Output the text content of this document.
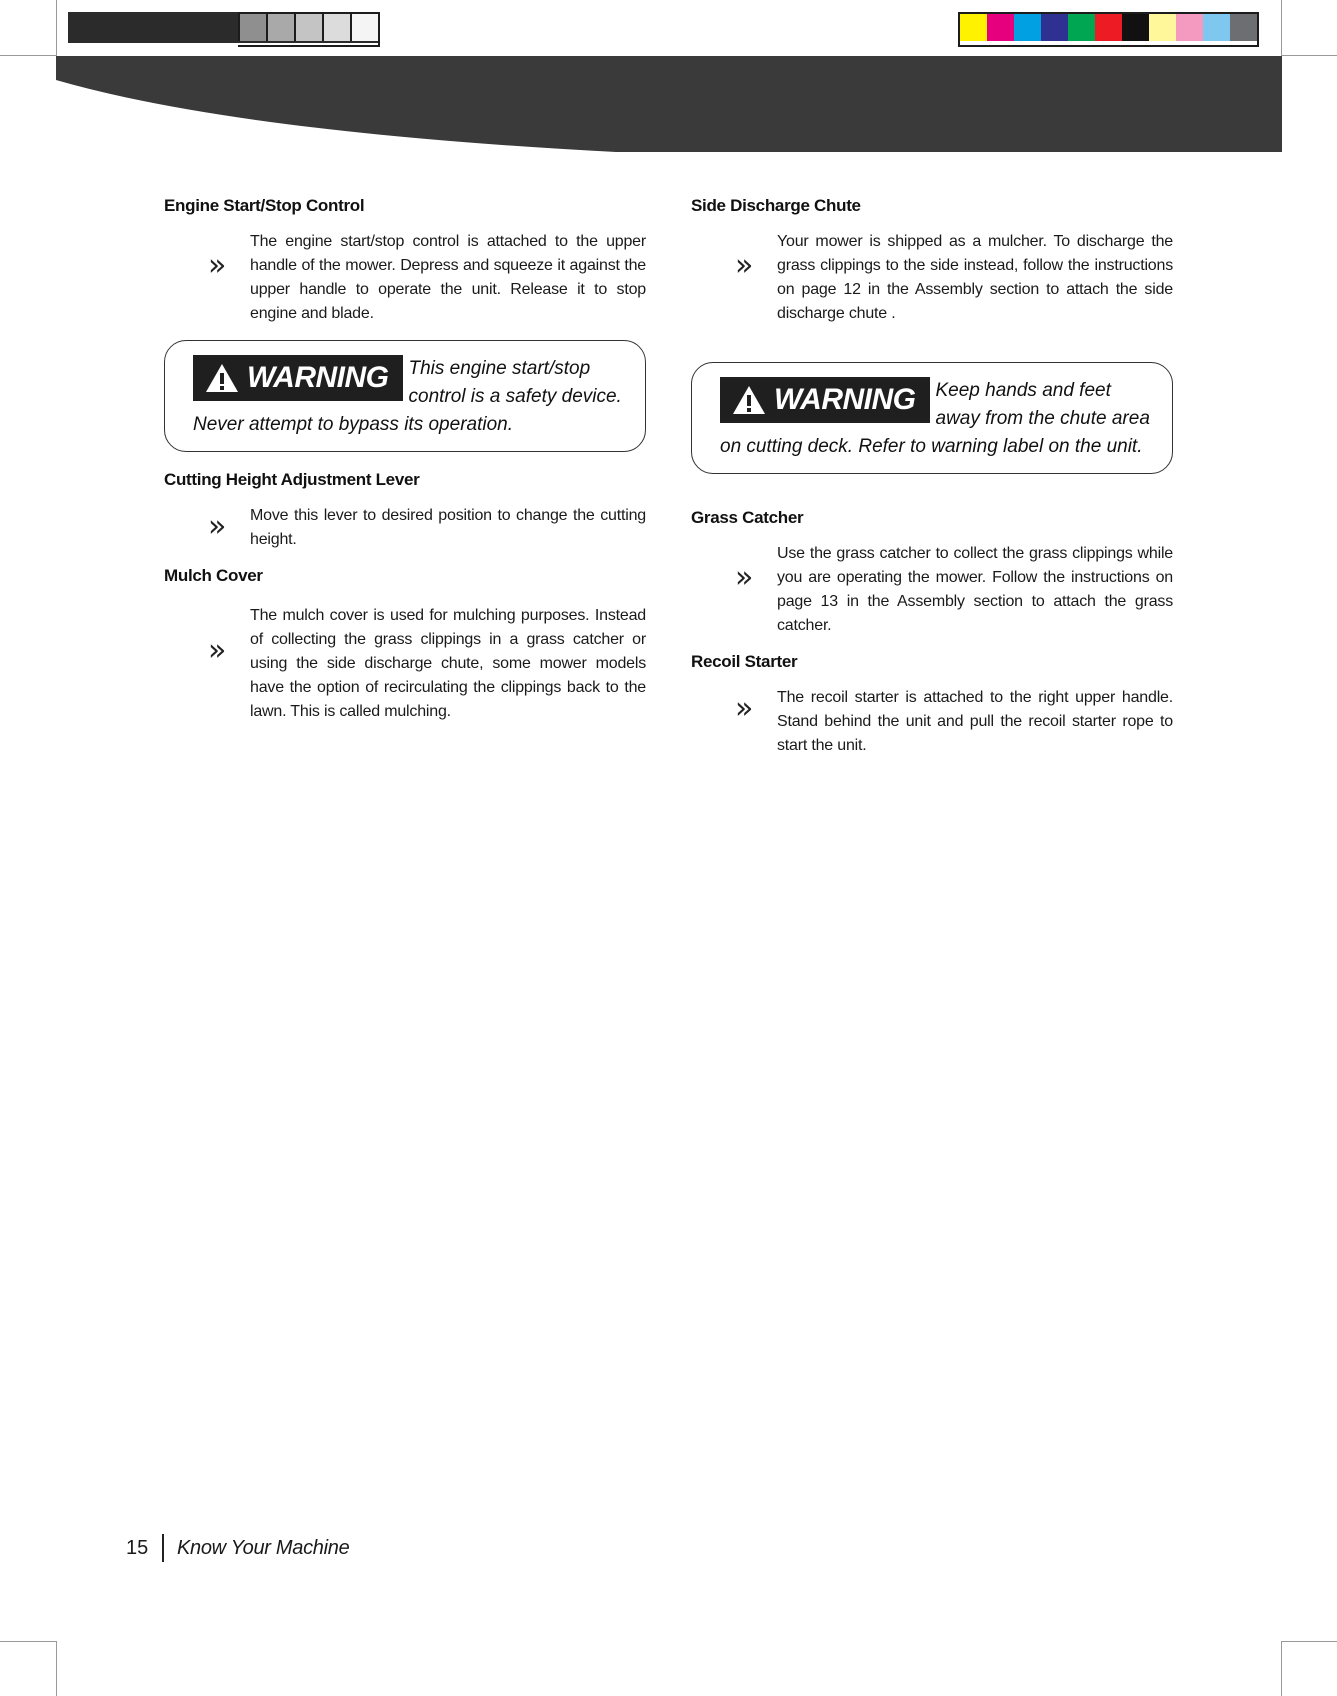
Engine Start/Stop Control
»
The engine start/stop control is attached to the upper handle of the mower. Depress and squeeze it against the upper handle to operate the unit. Release it to stop engine and blade.
WARNING This engine start/stop control is a safety device. Never attempt to bypass its operation.
Cutting Height Adjustment Lever
» Move this lever to desired position to change the cutting height.
Mulch Cover
»
The mulch cover is used for mulching purposes. Instead of collecting the grass clippings in a grass catcher or using the side discharge chute, some mower models have the option of recirculating the clippings back to the lawn. This is called mulching.
Side Discharge Chute
»
Your mower is shipped as a mulcher. To discharge the grass clippings to the side instead, follow the instructions on page 12 in the Assembly section to attach the side discharge chute .
WARNING Keep hands and feet away from the chute area on cutting deck. Refer to warning label on the unit.
Grass Catcher
»
Use the grass catcher to collect the grass clippings while you are operating the mower. Follow the instructions on page 13 in the Assembly section to attach the grass catcher.
Recoil Starter
» The recoil starter is attached to the right upper handle. Stand behind the unit and pull the recoil starter rope to start the unit.
15 Know Your Machine
